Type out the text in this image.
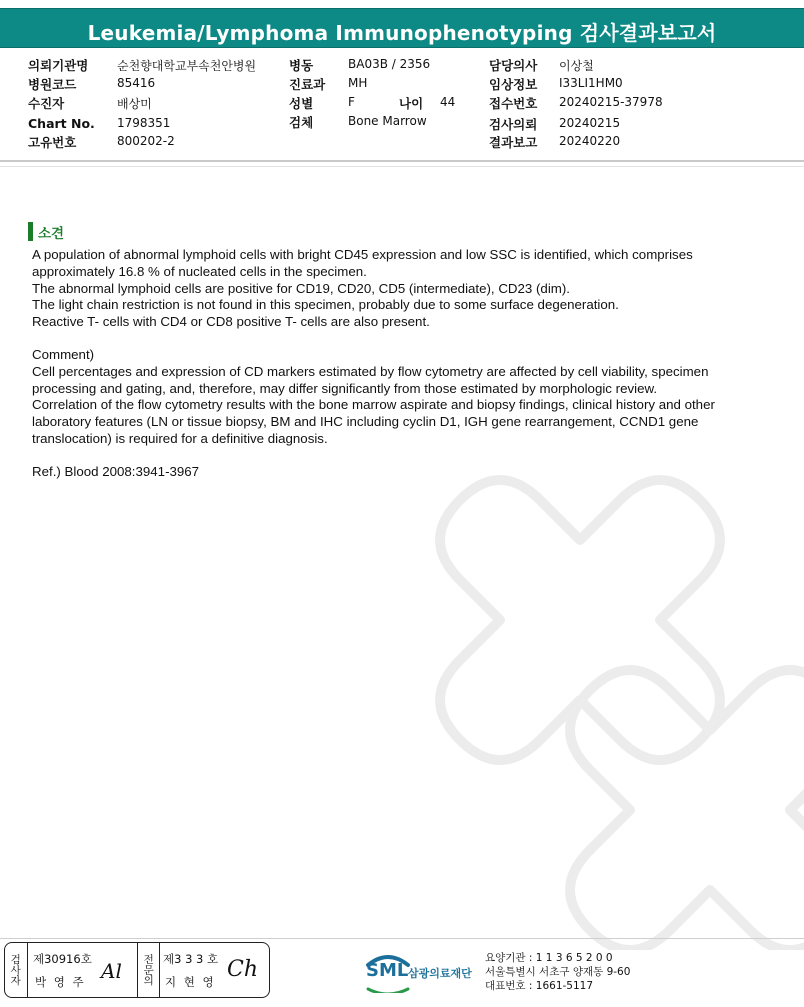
Leukemia/Lymphoma Immunophenotyping 검사결과보고서
의뢰기관명 순천향대학교부속천안병원
병원코드	85416
수진자	배상미
Chart No. 1798351
고유번호	800202-2
병동	BA03B / 2356
진료과 MH
성별	F	나이 44
검체	Bone Marrow
담당의사 이상철
임상정보 I33LI1HM0
접수번호 20240215-37978
검사의뢰 20240215
결과보고 20240220
소견

A population of abnormal lymphoid cells with bright CD45 expression and low SSC is identified, which comprises approximately 16.8 % of nucleated cells in the specimen.

The abnormal lymphoid cells are positive for CD19, CD20, CD5 (intermediate), CD23 (dim).

The light chain restriction is not found in this specimen, probably due to some surface degeneration.

Reactive T- cells with CD4 or CD8 positive T- cells are also present.

Comment)

Cell percentages and expression of CD markers estimated by flow cytometry are affected by cell viability, specimen processing and gating, and, therefore, may differ significantly from those estimated by morphologic review.

Correlation of the flow cytometry results with the bone marrow aspirate and biopsy findings, clinical history and other laboratory features (LN or tissue biopsy, BM and IHC including cyclin D1, IGH gene rearrangement, CCND1 gene translocation) is required for a definitive diagnosis.

Ref.) Blood 2008:3941-3967

검사자 제30916호
박 영 주 Al 전문의 제3 3 3 호
지 현 영 Ch	SML 삼광의료재단
요양기관 : 1 1 3 6 5 2 0 0
서울특별시 서초구 양재동 9-60
대표번호 : 1661-5117
